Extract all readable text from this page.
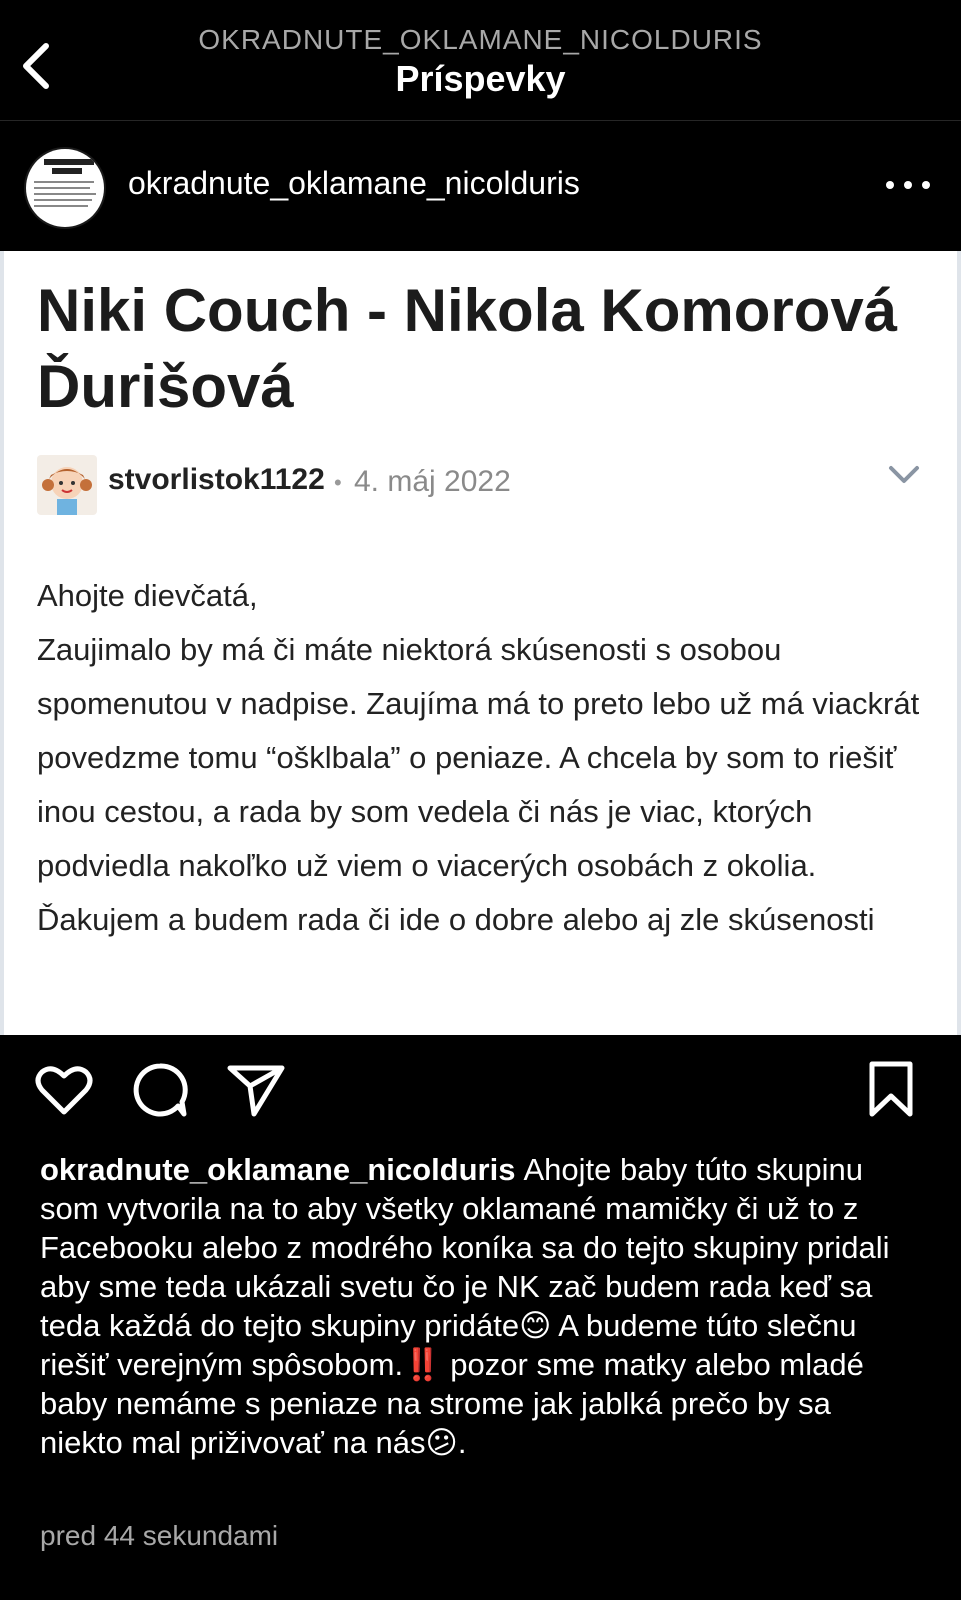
OKRADNUTE_OKLAMANE_NICOLDURIS
Príspevky
okradnute_oklamane_nicolduris
Niki Couch - Nikola Komorová Ďurišová
stvorlistok1122 • 4. máj 2022

Ahojte dievčatá,

Zaujimalo by má či máte niektorá skúsenosti s osobou spomenutou v nadpise. Zaujíma má to preto lebo už má viackrát povedzme tomu “ošklbala” o peniaze. A chcela by som to riešiť inou cestou, a rada by som vedela či nás je viac, ktorých podviedla nakoľko už viem o viacerých osobách z okolia. Ďakujem a budem rada či ide o dobre alebo aj zle skúsenosti

okradnute_oklamane_nicolduris Ahojte baby túto skupinu som vytvorila na to aby všetky oklamané mamičky či už to z Facebooku alebo z modrého koníka sa do tejto skupiny pridali aby sme teda ukázali svetu čo je NK zač budem rada keď sa teda každá do tejto skupiny pridáte😊 A budeme túto slečnu riešiť verejným spôsobom.‼️ pozor sme matky alebo mladé baby nemáme s peniaze na strome jak jablká prečo by sa niekto mal priživovať na nás😕.
pred 44 sekundami
